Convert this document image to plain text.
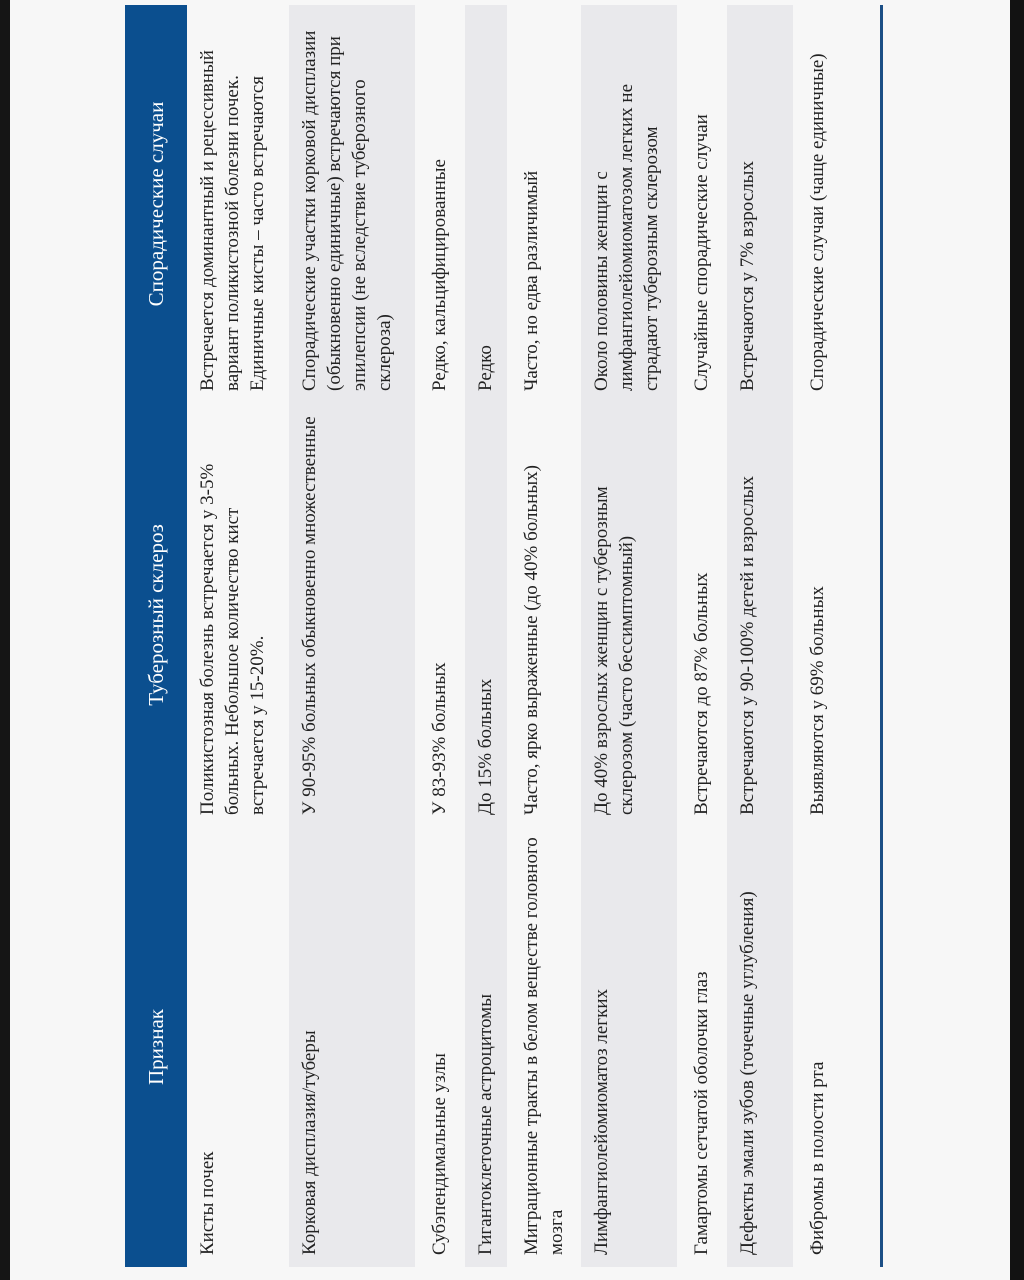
Признак	Туберозный склероз	Спорадические случаи
Кисты почек	Поликистозная болезнь встречается у 3-5% больных. Небольшое количество кист встречается у 15-20%.	Встречается доминантный и рецессивный вариант поликистозной болезни почек. Единичные кисты – часто встречаются
Корковая дисплазия/туберы	У 90-95% больных обыкновенно множественные	Спорадические участки корковой дисплазии (обыкновенно единичные) встречаются при эпилепсии (не вследствие туберозного склероза)
Субэпендимальные узлы	У 83-93% больных	Редко, кальцифицированные
Гигантоклеточные астроцитомы	До 15% больных	Редко
Миграционные тракты в белом веществе головного мозга	Часто, ярко выраженные (до 40% больных)	Часто, но едва различимый
Лимфангиолейомиоматоз легких	До 40% взрослых женщин с туберозным склерозом (часто бессимптомный)	Около половины женщин с лимфангиолейомиоматозом легких не страдают туберозным склерозом
Гамартомы сетчатой оболочки глаз	Встречаются до 87% больных	Случайные спорадические случаи
Дефекты эмали зубов (точечные углубления)	Встречаются у 90-100% детей и взрослых	Встречаются у 7% взрослых
Фибромы в полости рта	Выявляются у 69% больных	Спорадические случаи (чаще единичные)
